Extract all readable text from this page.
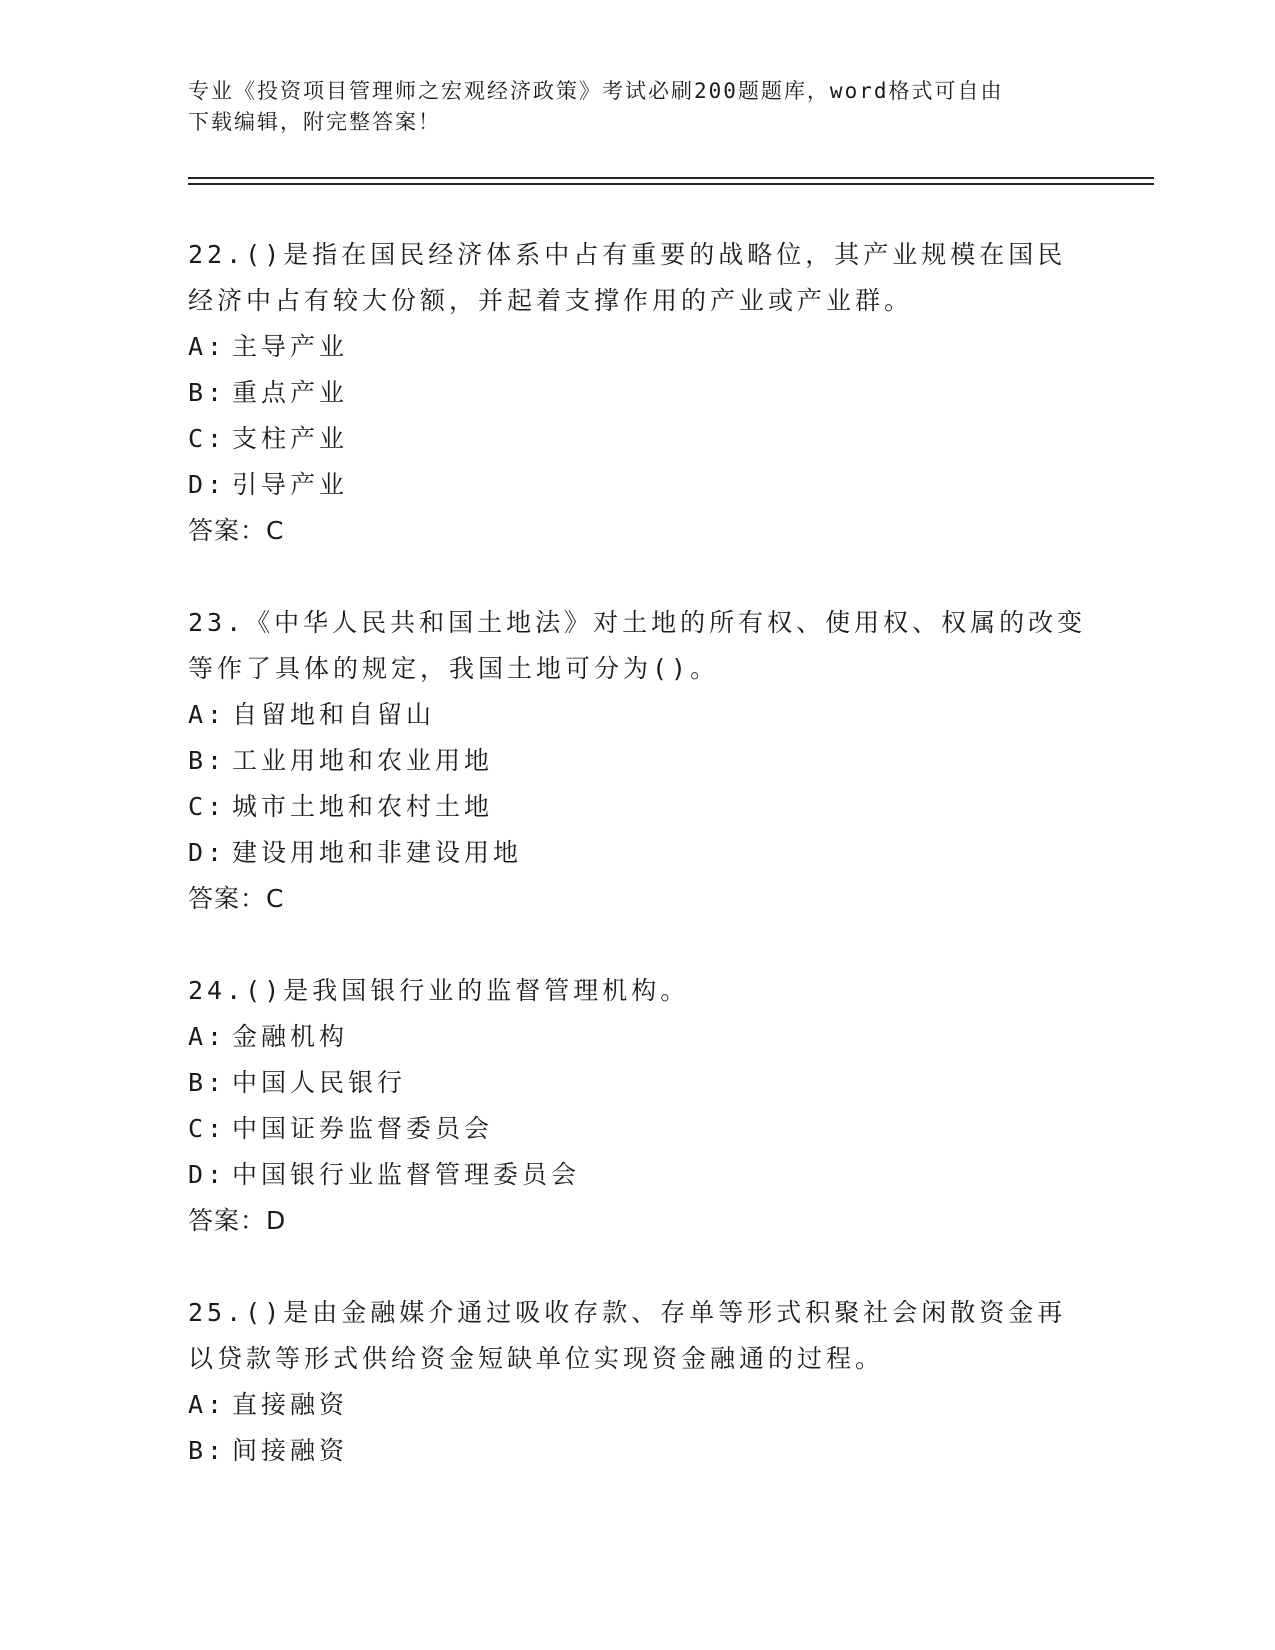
专业《投资项目管理师之宏观经济政策》考试必刷200题题库，word格式可自由
下载编辑，附完整答案！
22.()是指在国民经济体系中占有重要的战略位，其产业规模在国民经济中占有较大份额，并起着支撑作用的产业或产业群。
A: 主导产业
B: 重点产业
C: 支柱产业
D: 引导产业
答案：C
23.《中华人民共和国土地法》对土地的所有权、使用权、权属的改变等作了具体的规定，我国土地可分为()。
A: 自留地和自留山
B: 工业用地和农业用地
C: 城市土地和农村土地
D: 建设用地和非建设用地
答案：C
24.()是我国银行业的监督管理机构。
A: 金融机构
B: 中国人民银行
C: 中国证券监督委员会
D: 中国银行业监督管理委员会
答案：D
25.()是由金融媒介通过吸收存款、存单等形式积聚社会闲散资金再以贷款等形式供给资金短缺单位实现资金融通的过程。
A: 直接融资
B: 间接融资
